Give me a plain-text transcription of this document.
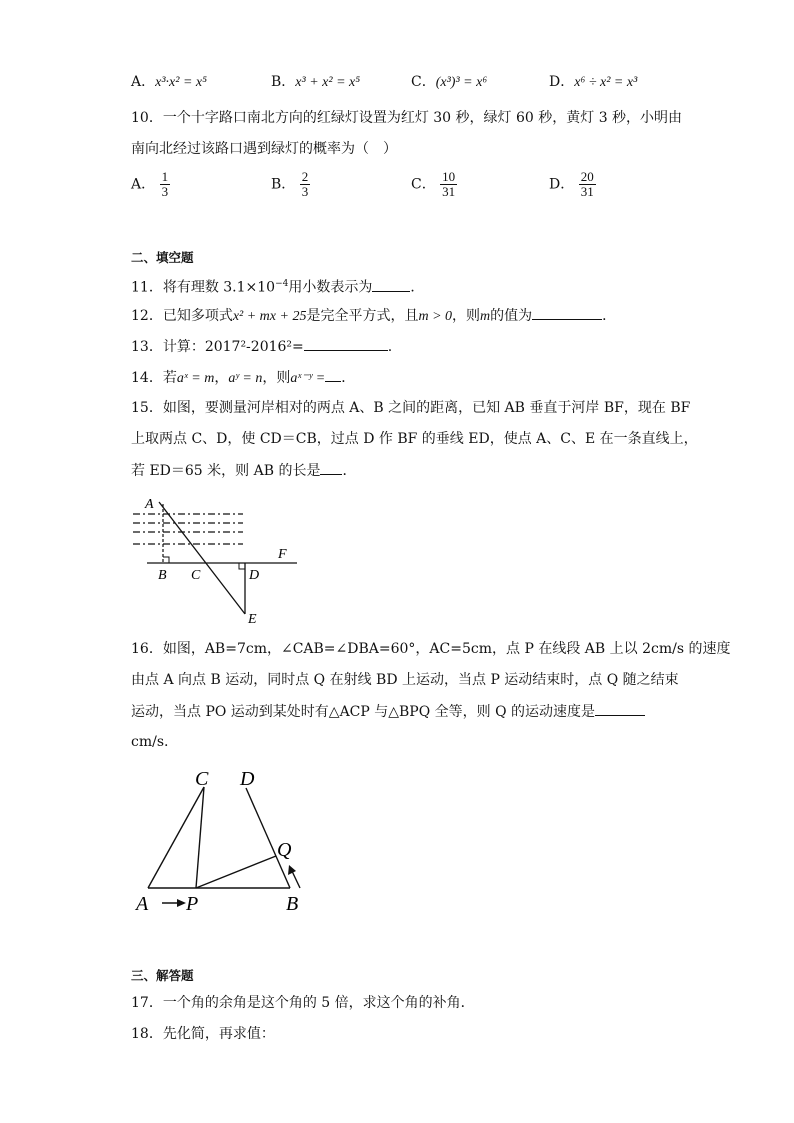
A．x³·x² = x⁵	B．x³ + x² = x⁵	C．(x³)³ = x⁶	D．x⁶ ÷ x² = x³
10．一个十字路口南北方向的红绿灯设置为红灯 30 秒，绿灯 60 秒，黄灯 3 秒，小明由
南向北经过该路口遇到绿灯的概率为（　）
A． $\frac{1}{3}$	B． $\frac{2}{3}$	C． $\frac{10}{31}$	D． $\frac{20}{31}$
二、填空题
11．将有理数 $3.1\times 10^{-4}$用小数表示为	．
12．已知多项式x² + mx + 25是完全平方式，且m > 0，则m的值为	．
13．计算：2017²-2016²=	.
14．若aˣ = m，aʸ = n，则aˣ⁻ʸ = ．
15．如图，要测量河岸相对的两点 A、B 之间的距离，已知 AB 垂直于河岸 BF，现在 BF
上取两点 C、D，使 CD＝CB，过点 D 作 BF 的垂线 ED，使点 A、C、E 在一条直线上，
若 ED＝65 米，则 AB 的长是 ．
A
B C	D
E
F
16．如图，AB=7cm，∠CAB=∠DBA=60°，AC=5cm，点 P 在线段 AB 上以 2cm/s 的速度
由点 A 向点 B 运动，同时点 Q 在射线 BD 上运动，当点 P 运动结束时，点 Q 随之结束
运动，当点 PO 运动到某处时有△ACP 与△BPQ 全等，则 Q 的运动速度是
cm/s.
C D
Q
A P	B
三、解答题
17．一个角的余角是这个角的 5 倍，求这个角的补角．
18．先化简，再求值：
